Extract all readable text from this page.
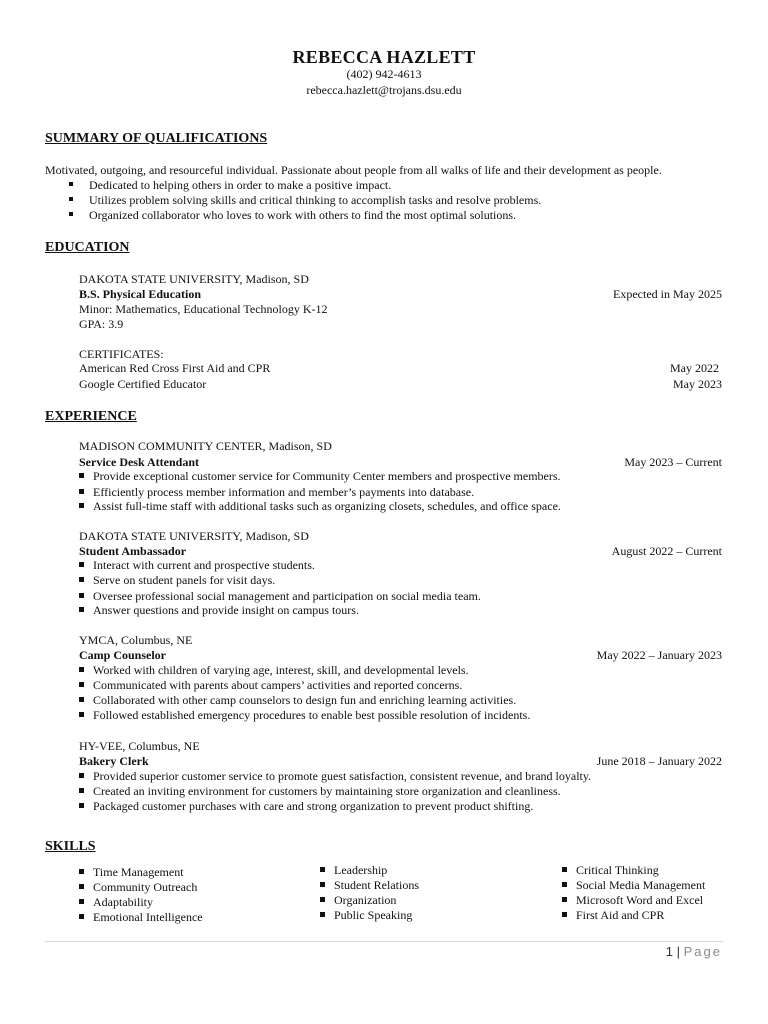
REBECCA HAZLETT
(402) 942-4613
rebecca.hazlett@trojans.dsu.edu
SUMMARY OF QUALIFICATIONS
Motivated, outgoing, and resourceful individual. Passionate about people from all walks of life and their development as people.
Dedicated to helping others in order to make a positive impact.
Utilizes problem solving skills and critical thinking to accomplish tasks and resolve problems.
Organized collaborator who loves to work with others to find the most optimal solutions.
EDUCATION
DAKOTA STATE UNIVERSITY, Madison, SD
B.S. Physical Education	Expected in May 2025
Minor: Mathematics, Educational Technology K-12
GPA: 3.9
CERTIFICATES:
American Red Cross First Aid and CPR	May 2022
Google Certified Educator	May 2023
EXPERIENCE
MADISON COMMUNITY CENTER, Madison, SD
Service Desk Attendant	May 2023 – Current
Provide exceptional customer service for Community Center members and prospective members.
Efficiently process member information and member’s payments into database.
Assist full-time staff with additional tasks such as organizing closets, schedules, and office space.
DAKOTA STATE UNIVERSITY, Madison, SD
Student Ambassador	August 2022 – Current
Interact with current and prospective students.
Serve on student panels for visit days.
Oversee professional social management and participation on social media team.
Answer questions and provide insight on campus tours.
YMCA, Columbus, NE
Camp Counselor	May 2022 – January 2023
Worked with children of varying age, interest, skill, and developmental levels.
Communicated with parents about campers’ activities and reported concerns.
Collaborated with other camp counselors to design fun and enriching learning activities.
Followed established emergency procedures to enable best possible resolution of incidents.
HY-VEE, Columbus, NE
Bakery Clerk	June 2018 – January 2022
Provided superior customer service to promote guest satisfaction, consistent revenue, and brand loyalty.
Created an inviting environment for customers by maintaining store organization and cleanliness.
Packaged customer purchases with care and strong organization to prevent product shifting.
SKILLS
Time Management
Community Outreach
Adaptability
Emotional Intelligence
Leadership
Student Relations
Organization
Public Speaking
Critical Thinking
Social Media Management
Microsoft Word and Excel
First Aid and CPR
1 | Page
